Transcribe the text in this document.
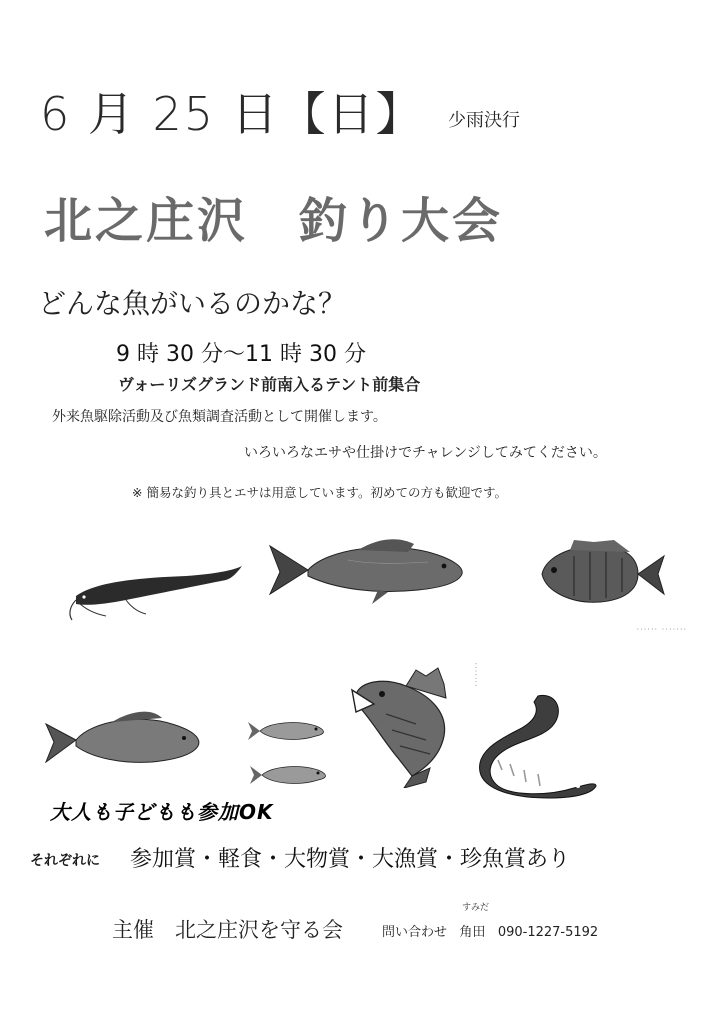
6 月 25 日【日】 少雨決行
北之庄沢　釣り大会
どんな魚がいるのかな？
9 時 30 分～11 時 30 分
ヴォーリズグランド前南入るテント前集合
外来魚駆除活動及び魚類調査活動として開催します。
いろいろなエサや仕掛けでチャレンジしてみてください。
※ 簡易な釣り具とエサは用意しています。初めての方も歓迎です。
······ ·······
·······
大人も子どもも参加OK
それぞれに 参加賞・軽食・大物賞・大漁賞・珍魚賞あり
すみだ
主催　北之庄沢を守る会	問い合わせ 角田 090-1227-5192
